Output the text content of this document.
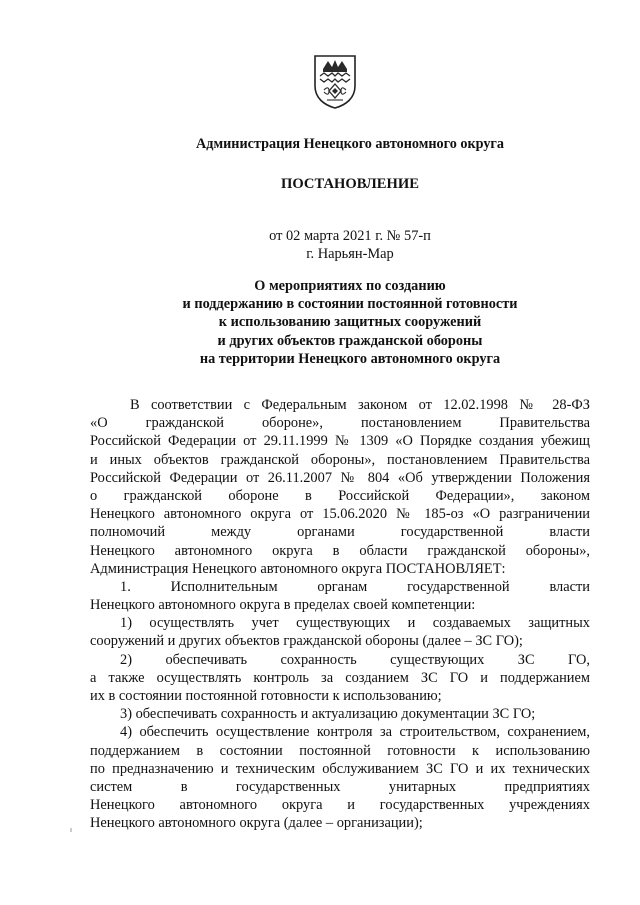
Администрация Ненецкого автономного округа
ПОСТАНОВЛЕНИЕ
от 02 марта 2021 г. № 57-п
г. Нарьян-Мар
О мероприятиях по созданию
и поддержанию в состоянии постоянной готовности
к использованию защитных сооружений
и других объектов гражданской обороны
на территории Ненецкого автономного округа
В соответствии с Федеральным законом от 12.02.1998 № 28-ФЗ
«О гражданской обороне», постановлением Правительства
Российской Федерации от 29.11.1999 № 1309 «О Порядке создания убежищ
и иных объектов гражданской обороны», постановлением Правительства
Российской Федерации от 26.11.2007 № 804 «Об утверждении Положения
о гражданской обороне в Российской Федерации», законом
Ненецкого автономного округа от 15.06.2020 № 185-оз «О разграничении
полномочий между органами государственной власти
Ненецкого автономного округа в области гражданской обороны»,
Администрация Ненецкого автономного округа ПОСТАНОВЛЯЕТ:
1. Исполнительным органам государственной власти
Ненецкого автономного округа в пределах своей компетенции:
1) осуществлять учет существующих и создаваемых защитных
сооружений и других объектов гражданской обороны (далее – ЗС ГО);
2) обеспечивать сохранность существующих ЗС ГО,
а также осуществлять контроль за созданием ЗС ГО и поддержанием
их в состоянии постоянной готовности к использованию;
3) обеспечивать сохранность и актуализацию документации ЗС ГО;
4) обеспечить осуществление контроля за строительством, сохранением,
поддержанием в состоянии постоянной готовности к использованию
по предназначению и техническим обслуживанием ЗС ГО и их технических
систем в государственных унитарных предприятиях
Ненецкого автономного округа и государственных учреждениях
Ненецкого автономного округа (далее – организации);
